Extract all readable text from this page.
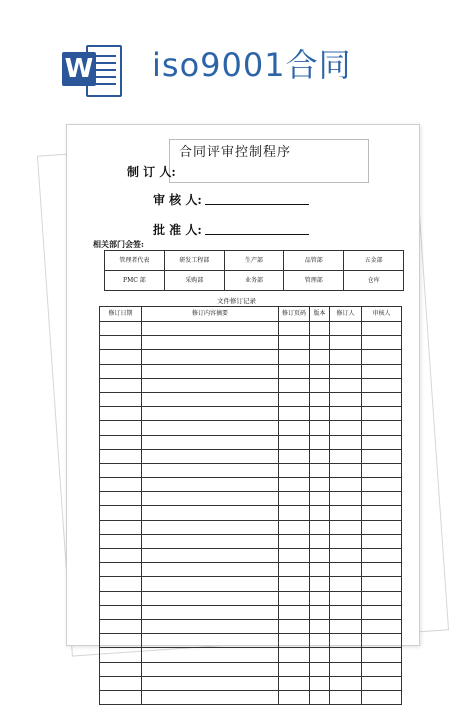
W iso9001合同
合同评审控制程序
制 订 人:
审 核 人:
批 准 人:
相关部门会签:
管理者代表	研发工程部	生产部	品管部	五金部
PMC 部	采购部	业务部	管理部	仓库
文件修订记录
修订日期	修订内容摘要	修订页码	版本	修订人	审核人
